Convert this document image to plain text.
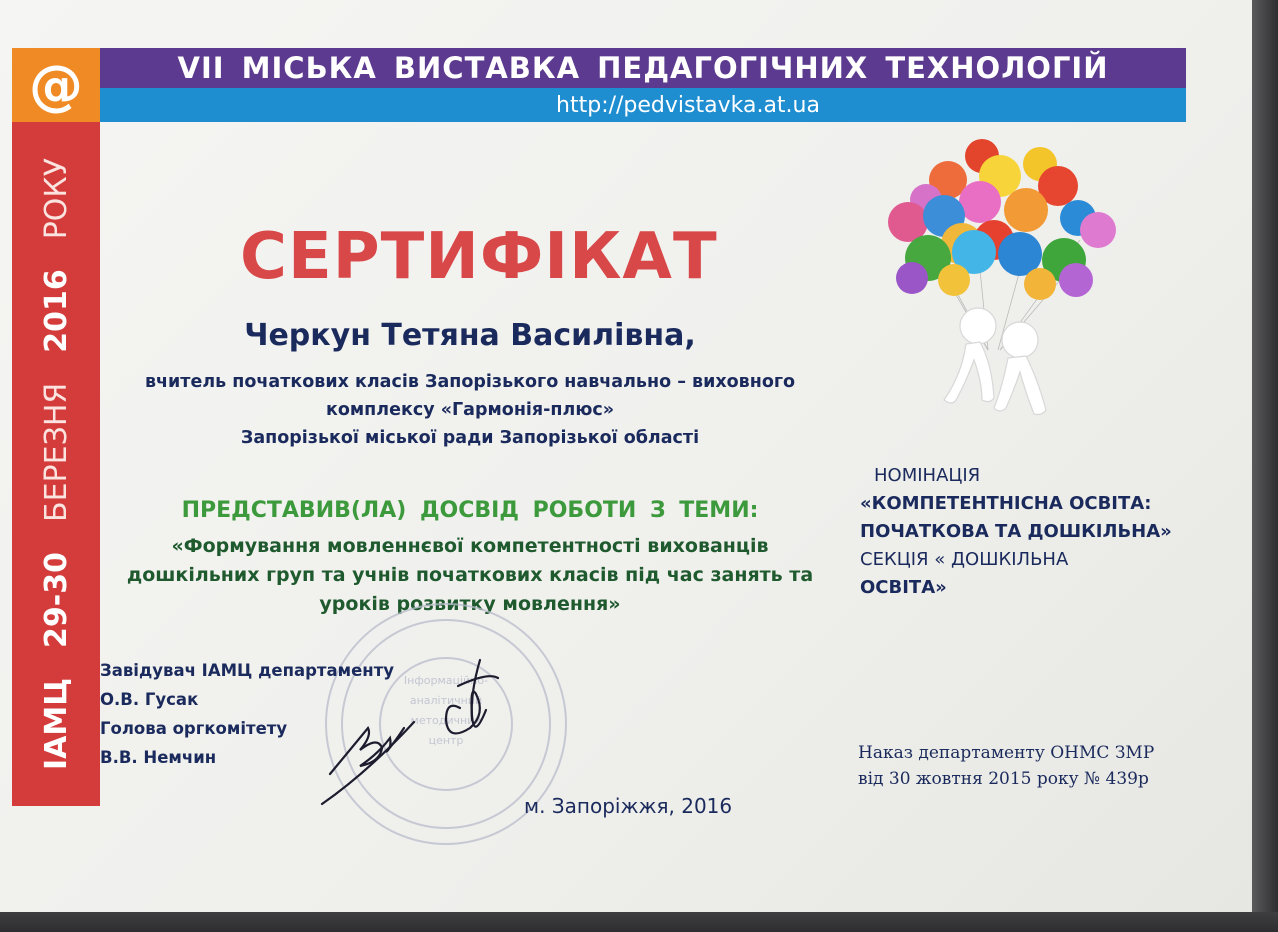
@	VII МІСЬКА ВИСТАВКА ПЕДАГОГІЧНИХ ТЕХНОЛОГІЙ
http://pedvistavka.at.ua
ІАМЦ
29-30
БЕРЕЗНЯ
2016
РОКУ
СЕРТИФІКАТ
Черкун Тетяна Василівна,
вчитель початкових класів Запорізького навчально – виховного
комплексу «Гармонія-плюс»
Запорізької міської ради Запорізької області
ПРЕДСТАВИВ(ЛА) ДОСВІД РОБОТИ З ТЕМИ:
«Формування мовленнєвої компетентності вихованців
дошкільних груп та учнів початкових класів під час занять та
уроків розвитку мовлення»
НОМІНАЦІЯ
«КОМПЕТЕНТНІСНА ОСВІТА:
ПОЧАТКОВА ТА ДОШКІЛЬНА»
СЕКЦІЯ « ДОШКІЛЬНА
ОСВІТА»
Інформаційно-
аналітичний
методичний
центр
Завідувач ІАМЦ департаменту
О.В. Гусак
Голова оргкомітету
В.В. Немчин
м. Запоріжжя, 2016
Наказ департаменту ОНМС ЗМР
від 30 жовтня 2015 року № 439р
